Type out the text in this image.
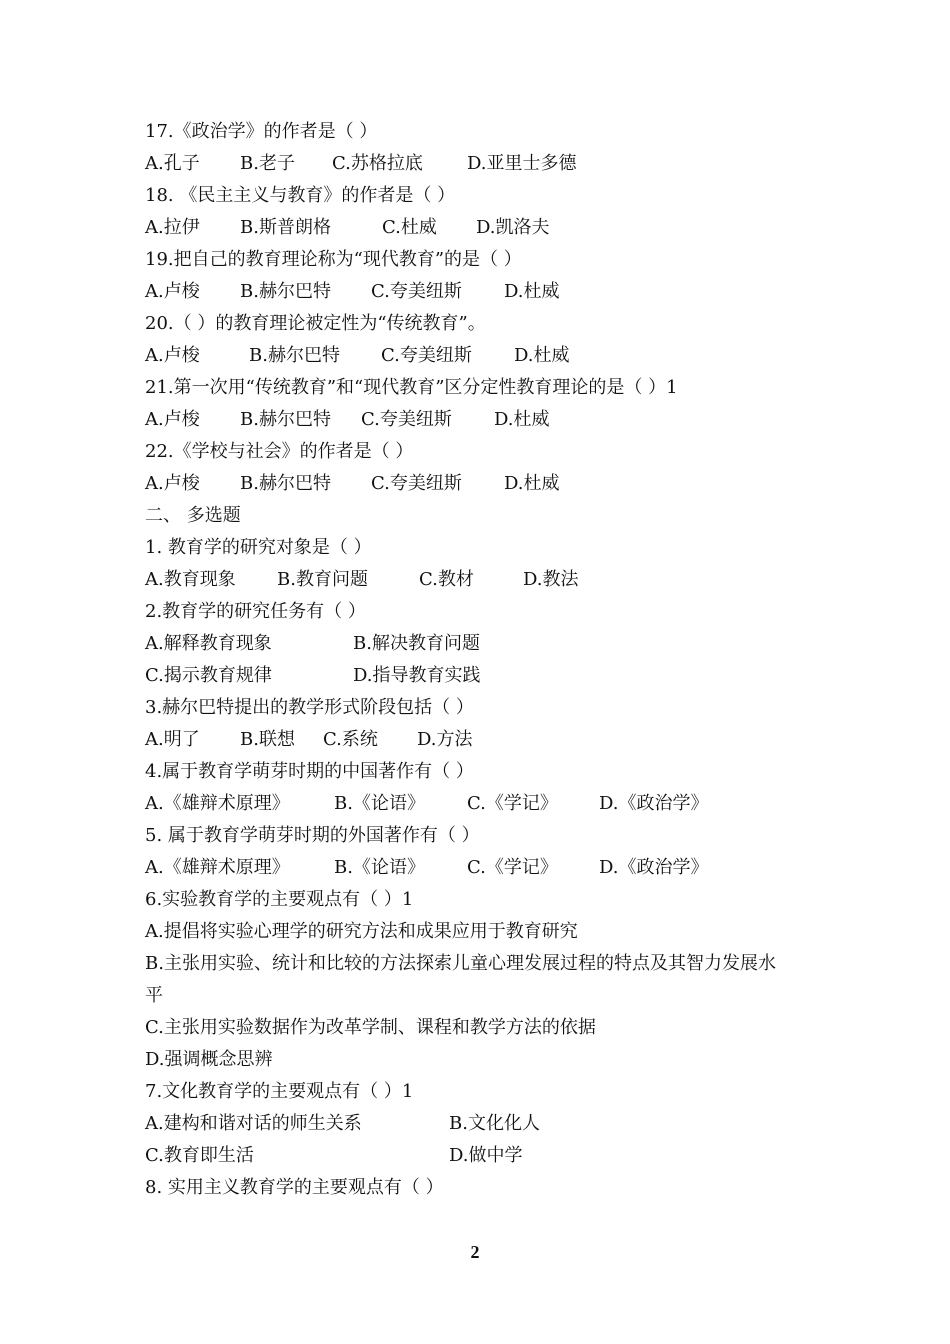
17.《政治学》的作者是（ ）
A.孔子 B.老子 C.苏格拉底 D.亚里士多德
18. 《民主主义与教育》的作者是（ ）
A.拉伊 B.斯普朗格	C.杜威 D.凯洛夫
19.把自己的教育理论称为“现代教育”的是（ ）
A.卢梭 B.赫尔巴特 C.夸美纽斯 D.杜威
20.（ ）的教育理论被定性为“传统教育”。
A.卢梭	B.赫尔巴特 C.夸美纽斯 D.杜威
21.第一次用“传统教育”和“现代教育”区分定性教育理论的是（ ）1
A.卢梭 B.赫尔巴特 C.夸美纽斯 D.杜威
22.《学校与社会》的作者是（ ）
A.卢梭 B.赫尔巴特 C.夸美纽斯 D.杜威
二、 多选题
1. 教育学的研究对象是（ ）
A.教育现象 B.教育问题	C.教材	D.教法
2.教育学的研究任务有（ ）
A.解释教育现象	B.解决教育问题
C.揭示教育规律	D.指导教育实践
3.赫尔巴特提出的教学形式阶段包括（ ）
A.明了 B.联想 C.系统 D.方法
4.属于教育学萌芽时期的中国著作有（ ）
A.《雄辩术原理》 B.《论语》 C.《学记》 D.《政治学》
5. 属于教育学萌芽时期的外国著作有（ ）
A.《雄辩术原理》 B.《论语》 C.《学记》 D.《政治学》
6.实验教育学的主要观点有（ ）1
A.提倡将实验心理学的研究方法和成果应用于教育研究
B.主张用实验、统计和比较的方法探索儿童心理发展过程的特点及其智力发展水
平
C.主张用实验数据作为改革学制、课程和教学方法的依据
D.强调概念思辨
7.文化教育学的主要观点有（ ）1
A.建构和谐对话的师生关系	B.文化化人
C.教育即生活	D.做中学
8. 实用主义教育学的主要观点有（ ）
2
